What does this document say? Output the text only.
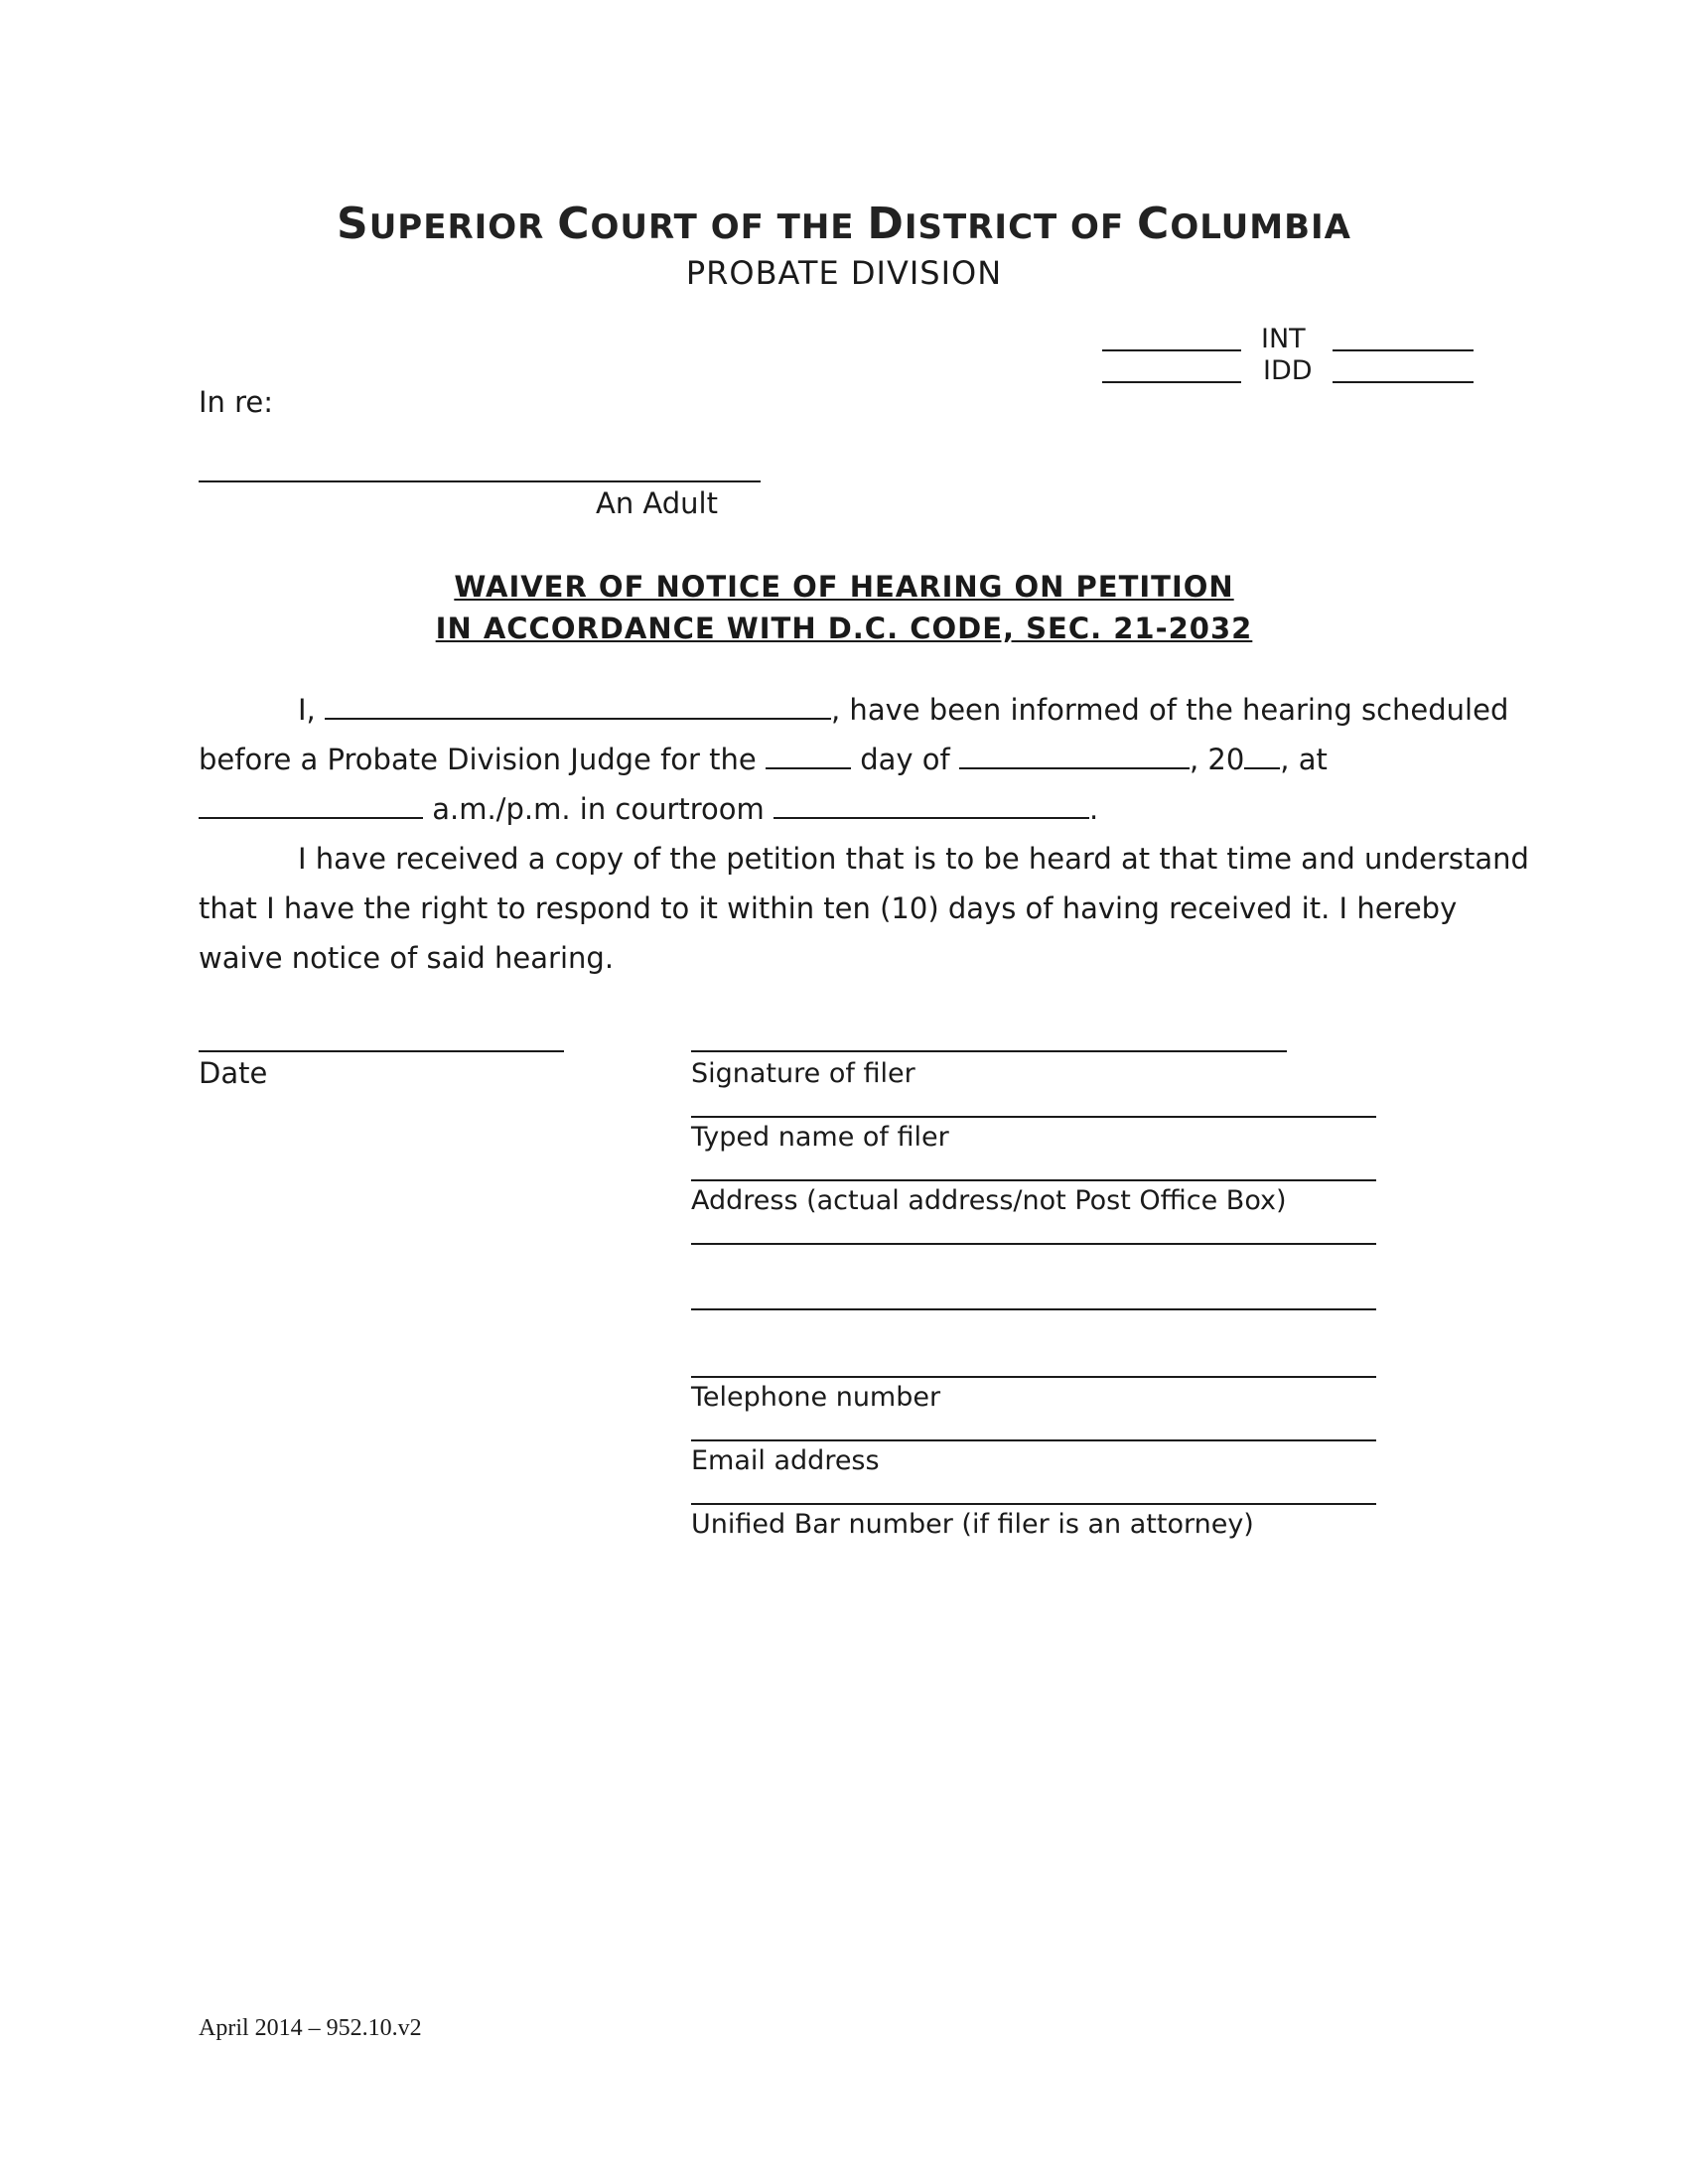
SUPERIOR COURT OF THE DISTRICT OF COLUMBIA
PROBATE DIVISION
INT
IDD
In re:
An Adult
WAIVER OF NOTICE OF HEARING ON PETITION
IN ACCORDANCE WITH D.C. CODE, SEC. 21-2032
I,	, have been informed of the hearing scheduled
before a Probate Division Judge for the	day of	, 20 , at
a.m./p.m. in courtroom	.
I have received a copy of the petition that is to be heard at that time and understand
that I have the right to respond to it within ten (10) days of having received it. I hereby
waive notice of said hearing.
Date	Signature of filer
Typed name of filer
Address (actual address/not Post Office Box)
Telephone number
Email address
Unified Bar number (if filer is an attorney)
April 2014 – 952.10.v2
